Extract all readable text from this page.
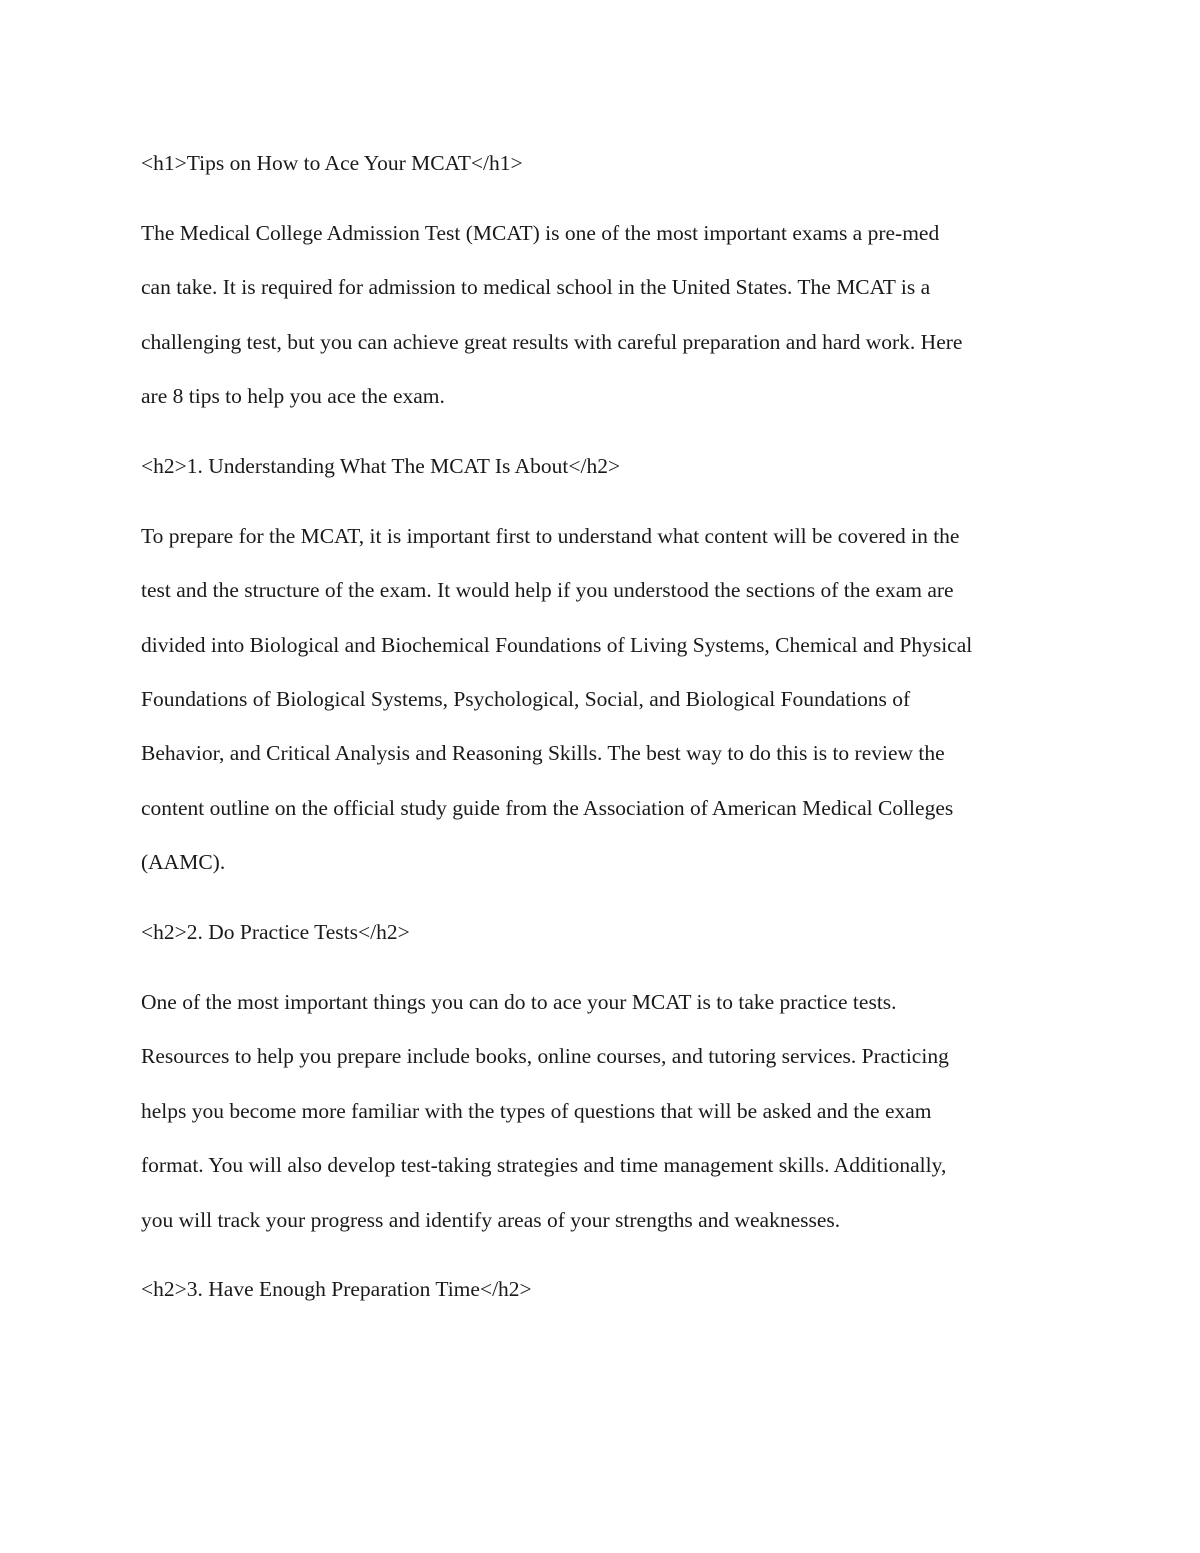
<h1>Tips on How to Ace Your MCAT</h1>

The Medical College Admission Test (MCAT) is one of the most important exams a pre-med

can take. It is required for admission to medical school in the United States. The MCAT is a

challenging test, but you can achieve great results with careful preparation and hard work. Here

are 8 tips to help you ace the exam.

<h2>1. Understanding What The MCAT Is About</h2>

To prepare for the MCAT, it is important first to understand what content will be covered in the

test and the structure of the exam. It would help if you understood the sections of the exam are

divided into Biological and Biochemical Foundations of Living Systems, Chemical and Physical

Foundations of Biological Systems, Psychological, Social, and Biological Foundations of

Behavior, and Critical Analysis and Reasoning Skills. The best way to do this is to review the

content outline on the official study guide from the Association of American Medical Colleges

(AAMC).

<h2>2. Do Practice Tests</h2>

One of the most important things you can do to ace your MCAT is to take practice tests.

Resources to help you prepare include books, online courses, and tutoring services. Practicing

helps you become more familiar with the types of questions that will be asked and the exam

format. You will also develop test-taking strategies and time management skills. Additionally,

you will track your progress and identify areas of your strengths and weaknesses.

<h2>3. Have Enough Preparation Time</h2>
